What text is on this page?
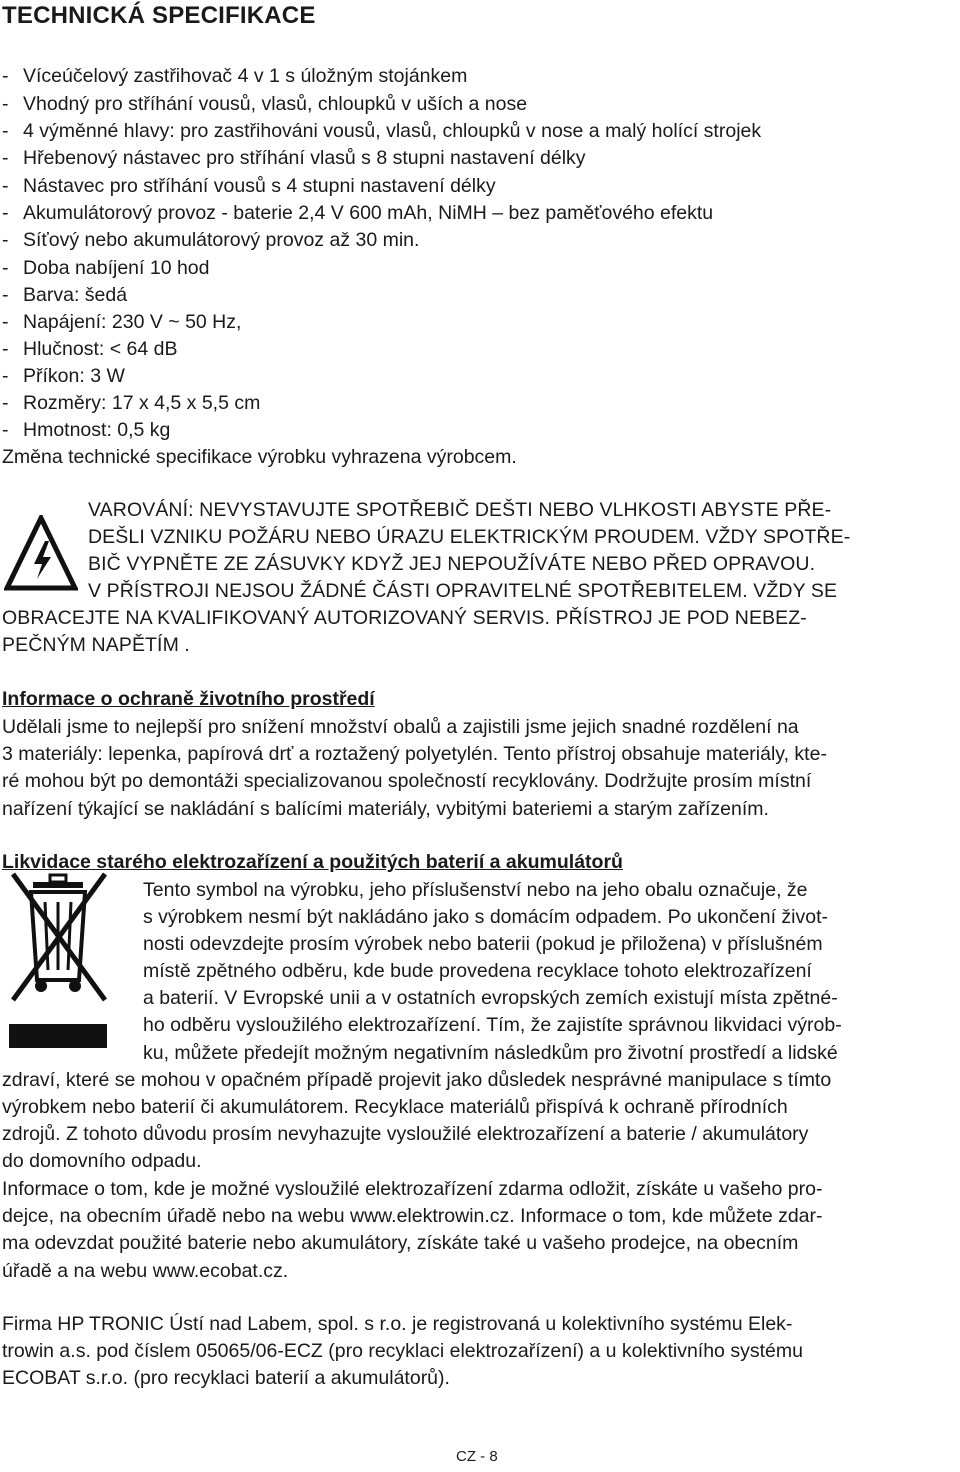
TECHNICKÁ SPECIFIKACE
- Víceúčelový zastřihovač 4 v 1 s úložným stojánkem
- Vhodný pro stříhání vousů, vlasů, chloupků v uších a nose
- 4 výměnné hlavy: pro zastřihováni vousů, vlasů, chloupků v nose a malý holící strojek
- Hřebenový nástavec pro stříhání vlasů s 8 stupni nastavení délky
- Nástavec pro stříhání vousů s 4 stupni nastavení délky
- Akumulátorový provoz - baterie 2,4 V 600 mAh, NiMH – bez paměťového efektu
- Síťový nebo akumulátorový provoz až 30 min.
- Doba nabíjení 10 hod
- Barva: šedá
- Napájení: 230 V ~ 50 Hz,
- Hlučnost: < 64 dB
- Příkon: 3 W
- Rozměry: 17 x 4,5 x 5,5 cm
- Hmotnost: 0,5 kg
Změna technické specifikace výrobku vyhrazena výrobcem.
VAROVÁNÍ: NEVYSTAVUJTE SPOTŘEBIČ DEŠTI NEBO VLHKOSTI ABYSTE PŘE-
DEŠLI VZNIKU POŽÁRU NEBO ÚRAZU ELEKTRICKÝM PROUDEM. VŽDY SPOTŘE-
BIČ VYPNĚTE ZE ZÁSUVKY KDYŽ JEJ NEPOUŽÍVÁTE NEBO PŘED OPRAVOU.
V PŘÍSTROJI NEJSOU ŽÁDNÉ ČÁSTI OPRAVITELNÉ SPOTŘEBITELEM. VŽDY SE
OBRACEJTE NA KVALIFIKOVANÝ AUTORIZOVANÝ SERVIS. PŘÍSTROJ JE POD NEBEZ-
PEČNÝM NAPĚTÍM .
Informace o ochraně životního prostředí
Udělali jsme to nejlepší pro snížení množství obalů a zajistili jsme jejich snadné rozdělení na
3 materiály: lepenka, papírová drť a roztažený polyetylén. Tento přístroj obsahuje materiály, kte-
ré mohou být po demontáži specializovanou společností recyklovány. Dodržujte prosím místní
nařízení týkající se nakládání s balícími materiály, vybitými bateriemi a starým zařízením.
Likvidace starého elektrozařízení a použitých baterií a akumulátorů
Tento symbol na výrobku, jeho příslušenství nebo na jeho obalu označuje, že
s výrobkem nesmí být nakládáno jako s domácím odpadem. Po ukončení život-
nosti odevzdejte prosím výrobek nebo baterii (pokud je přiložena) v příslušném
místě zpětného odběru, kde bude provedena recyklace tohoto elektrozařízení
a baterií. V Evropské unii a v ostatních evropských zemích existují místa zpětné-
ho odběru vysloužilého elektrozařízení. Tím, že zajistíte správnou likvidaci výrob-
ku, můžete předejít možným negativním následkům pro životní prostředí a lidské
zdraví, které se mohou v opačném případě projevit jako důsledek nesprávné manipulace s tímto
výrobkem nebo baterií či akumulátorem. Recyklace materiálů přispívá k ochraně přírodních
zdrojů. Z tohoto důvodu prosím nevyhazujte vysloužilé elektrozařízení a baterie / akumulátory
do domovního odpadu.
Informace o tom, kde je možné vysloužilé elektrozařízení zdarma odložit, získáte u vašeho pro-
dejce, na obecním úřadě nebo na webu www.elektrowin.cz. Informace o tom, kde můžete zdar-
ma odevzdat použité baterie nebo akumulátory, získáte také u vašeho prodejce, na obecním
úřadě a na webu www.ecobat.cz.
Firma HP TRONIC Ústí nad Labem, spol. s r.o. je registrovaná u kolektivního systému Elek-
trowin a.s. pod číslem 05065/06-ECZ (pro recyklaci elektrozařízení) a u kolektivního systému
ECOBAT s.r.o. (pro recyklaci baterií a akumulátorů).
CZ - 8
